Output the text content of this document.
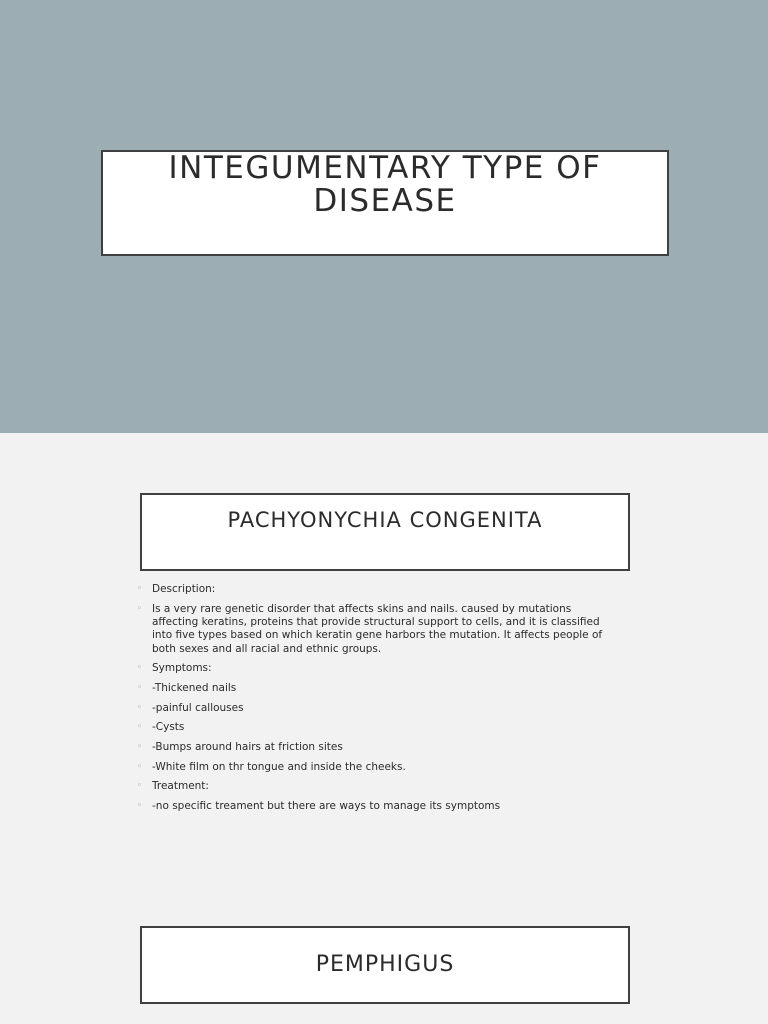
INTEGUMENTARY TYPE OF DISEASE
PACHYONYCHIA CONGENITA
◦ Description:
◦ Is a very rare genetic disorder that affects skins and nails. caused by mutations affecting keratins, proteins that provide structural support to cells, and it is classified into five types based on which keratin gene harbors the mutation. It affects people of both sexes and all racial and ethnic groups.
◦ Symptoms:
◦ -Thickened nails
◦ -painful callouses
◦ -Cysts
◦ -Bumps around hairs at friction sites
◦ -White film on thr tongue and inside the cheeks.
◦ Treatment:
◦ -no specific treament but there are ways to manage its symptoms
PEMPHIGUS
